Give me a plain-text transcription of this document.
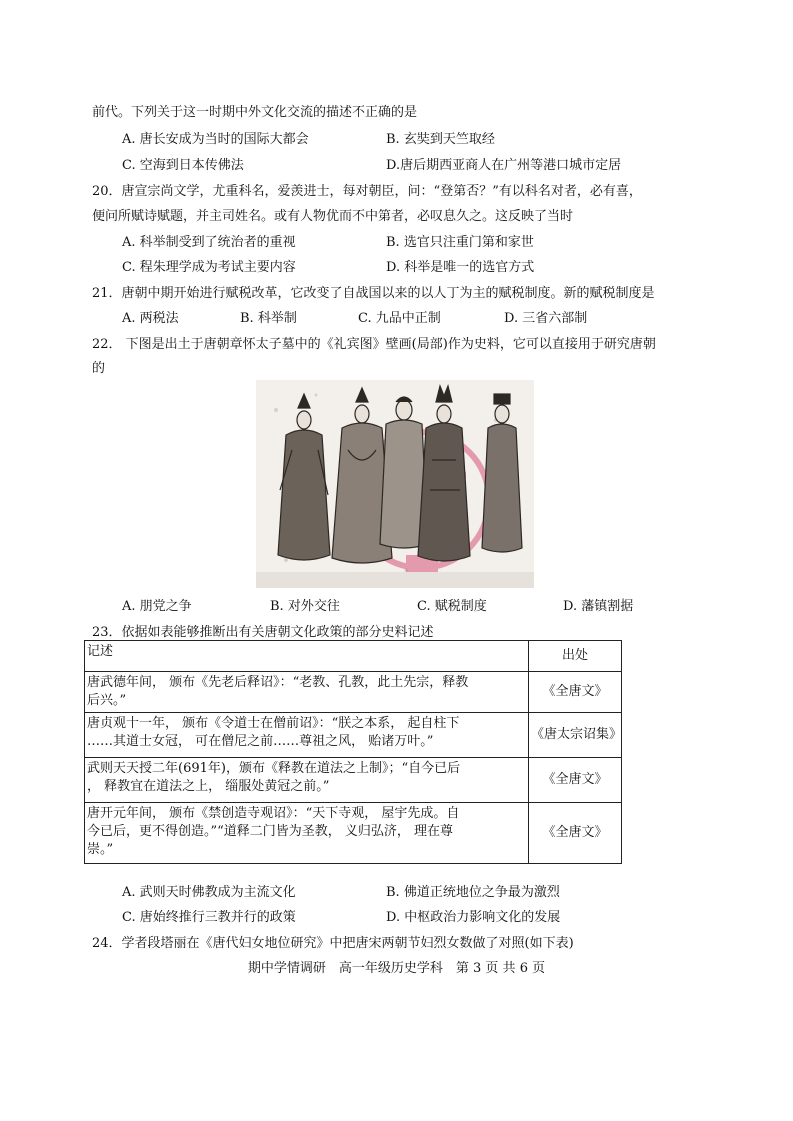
前代。下列关于这一时期中外文化交流的描述不正确的是
A. 唐长安成为当时的国际大都会	B. 玄奘到天竺取经
C. 空海到日本传佛法	D.唐后期西亚商人在广州等港口城市定居
20．唐宣宗尚文学，尤重科名，爱羡进士，每对朝臣，问：“登第否？”有以科名对者，必有喜，
便问所赋诗赋题，并主司姓名。或有人物优而不中第者，必叹息久之。这反映了当时
A. 科举制受到了统治者的重视	B. 选官只注重门第和家世
C. 程朱理学成为考试主要内容	D. 科举是唯一的选官方式
21．唐朝中期开始进行赋税改革，它改变了自战国以来的以人丁为主的赋税制度。新的赋税制度是
A. 两税法	B. 科举制	C. 九品中正制	D. 三省六部制
22． 下图是出土于唐朝章怀太子墓中的《礼宾图》壁画(局部)作为史料，它可以直接用于研究唐朝
的
A. 朋党之争	B. 对外交往	C. 赋税制度	D. 藩镇割据
23．依据如表能够推断出有关唐朝文化政策的部分史料记述
记述	出处

唐武德年间， 颁布《先老后释诏》：“老教、孔教，此土先宗，释教
后兴。”	《全唐文》

唐贞观十一年， 颁布《令道士在僧前诏》：“朕之本系， 起自柱下
……其道士女冠， 可在僧尼之前……尊祖之风， 贻诸万叶。”	《唐太宗诏集》

武则天天授二年(691年)，颁布《释教在道法之上制》；“自今已后
， 释教宜在道法之上， 缁服处黄冠之前。”	《全唐文》

唐开元年间， 颁布《禁创造寺观诏》：“天下寺观， 屋宇先成。自
今已后，更不得创造。”“道释二门皆为圣教， 义归弘济， 理在尊
崇。”	《全唐文》
A. 武则天时佛教成为主流文化	B. 佛道正统地位之争最为激烈
C. 唐始终推行三教并行的政策	D. 中枢政治力影响文化的发展
24．学者段塔丽在《唐代妇女地位研究》中把唐宋两朝节妇烈女数做了对照(如下表)
期中学情调研　高一年级历史学科　第 3 页 共 6 页
